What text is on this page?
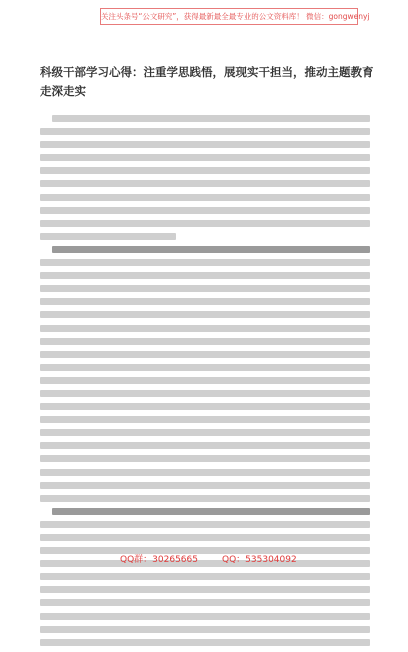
关注头条号“公文研究”，获得最新最全最专业的公文资料库！ 微信：gongwenyj
科级干部学习心得：注重学思践悟，展现实干担当，推动主题教育走深走实
QQ群：30265665	QQ：535304092
